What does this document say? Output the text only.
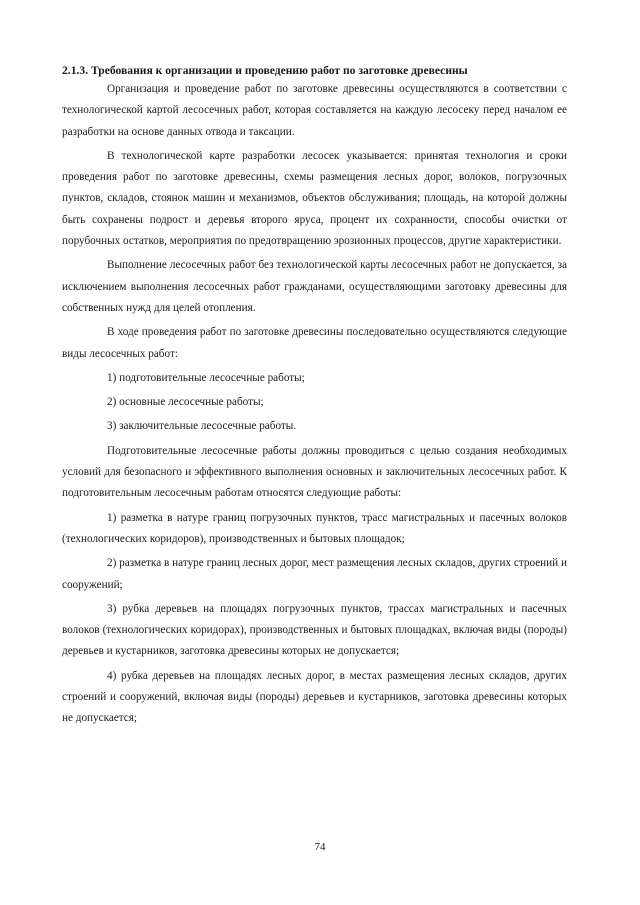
2.1.3. Требования к организации и проведению работ по заготовке древесины

Организация и проведение работ по заготовке древесины осуществляются в соответствии с технологической картой лесосечных работ, которая составляется на каждую лесосеку перед началом ее разработки на основе данных отвода и таксации.

В технологической карте разработки лесосек указывается: принятая технология и сроки проведения работ по заготовке древесины, схемы размещения лесных дорог, волоков, погрузочных пунктов, складов, стоянок машин и механизмов, объектов обслуживания; площадь, на которой должны быть сохранены подрост и деревья второго яруса, процент их сохранности, способы очистки от порубочных остатков, мероприятия по предотвращению эрозионных процессов, другие характеристики.

Выполнение лесосечных работ без технологической карты лесосечных работ не допускается, за исключением выполнения лесосечных работ гражданами, осуществляющими заготовку древесины для собственных нужд для целей отопления.

В ходе проведения работ по заготовке древесины последовательно осуществляются следующие виды лесосечных работ:

1) подготовительные лесосечные работы;

2) основные лесосечные работы;

3) заключительные лесосечные работы.

Подготовительные лесосечные работы должны проводиться с целью создания необходимых условий для безопасного и эффективного выполнения основных и заключительных лесосечных работ. К подготовительным лесосечным работам относятся следующие работы:

1) разметка в натуре границ погрузочных пунктов, трасс магистральных и пасечных волоков (технологических коридоров), производственных и бытовых площадок;

2) разметка в натуре границ лесных дорог, мест размещения лесных складов, других строений и сооружений;

3) рубка деревьев на площадях погрузочных пунктов, трассах магистральных и пасечных волоков (технологических коридорах), производственных и бытовых площадках, включая виды (породы) деревьев и кустарников, заготовка древесины которых не допускается;

4) рубка деревьев на площадях лесных дорог, в местах размещения лесных складов, других строений и сооружений, включая виды (породы) деревьев и кустарников, заготовка древесины которых не допускается;

74
